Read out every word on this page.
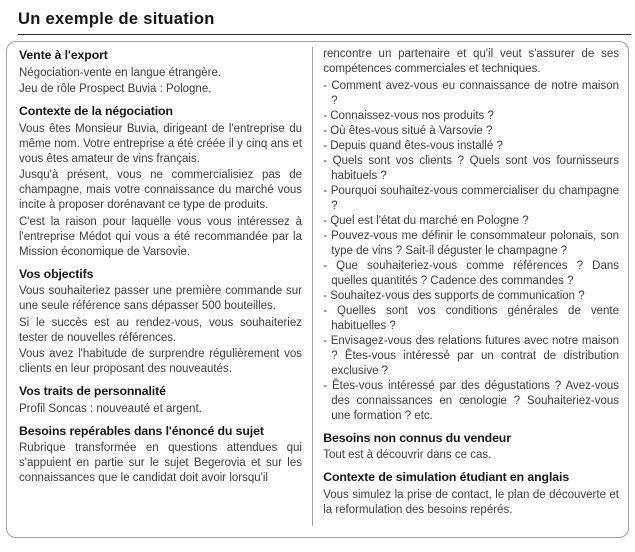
Un exemple de situation
Vente à l'export

Négociation-vente en langue étrangère.

Jeu de rôle Prospect Buvia : Pologne.

Contexte de la négociation

Vous êtes Monsieur Buvia, dirigeant de l'entreprise du même nom. Votre entreprise a été créée il y cinq ans et vous êtes amateur de vins français.

Jusqu'à présent, vous ne commercialisiez pas de champagne, mais votre connaissance du marché vous incite à proposer dorénavant ce type de produits.

C'est la raison pour laquelle vous vous intéressez à l'entreprise Médot qui vous a été recommandée par la Mission économique de Varsovie.

Vos objectifs

Vous souhaiteriez passer une première commande sur une seule référence sans dépasser 500 bouteilles.

Si le succès est au rendez-vous, vous souhaiteriez tester de nouvelles références.

Vous avez l'habitude de surprendre régulièrement vos clients en leur proposant des nouveautés.

Vos traits de personnalité

Profil Soncas : nouveauté et argent.

Besoins repérables dans l'énoncé du sujet

Rubrique transformée en questions attendues qui s'appuient en partie sur le sujet Begerovia et sur les connaissances que le candidat doit avoir lorsqu'il

rencontre un partenaire et qu'il veut s'assurer de ses compétences commerciales et techniques.

- Comment avez-vous eu connaissance de notre maison ?

- Connaissez-vous nos produits ?

- Où êtes-vous situé à Varsovie ?

- Depuis quand êtes-vous installé ?

- Quels sont vos clients ? Quels sont vos fournisseurs habituels ?

- Pourquoi souhaitez-vous commercialiser du champagne ?

- Quel est l'état du marché en Pologne ?

- Pouvez-vous me définir le consommateur polonais, son type de vins ? Sait-il déguster le champagne ?

- Que souhaiteriez-vous comme références ? Dans quelles quantités ? Cadence des commandes ?

- Souhaitez-vous des supports de communication ?

- Quelles sont vos conditions générales de vente habituelles ?

- Envisagez-vous des relations futures avec notre maison ? Êtes-vous intéressé par un contrat de distribution exclusive ?

- Êtes-vous intéressé par des dégustations ? Avez-vous des connaissances en œnologie ? Souhaiteriez-vous une formation ? etc.

Besoins non connus du vendeur

Tout est à découvrir dans ce cas.

Contexte de simulation étudiant en anglais

Vous simulez la prise de contact, le plan de découverte et la reformulation des besoins repérés.
